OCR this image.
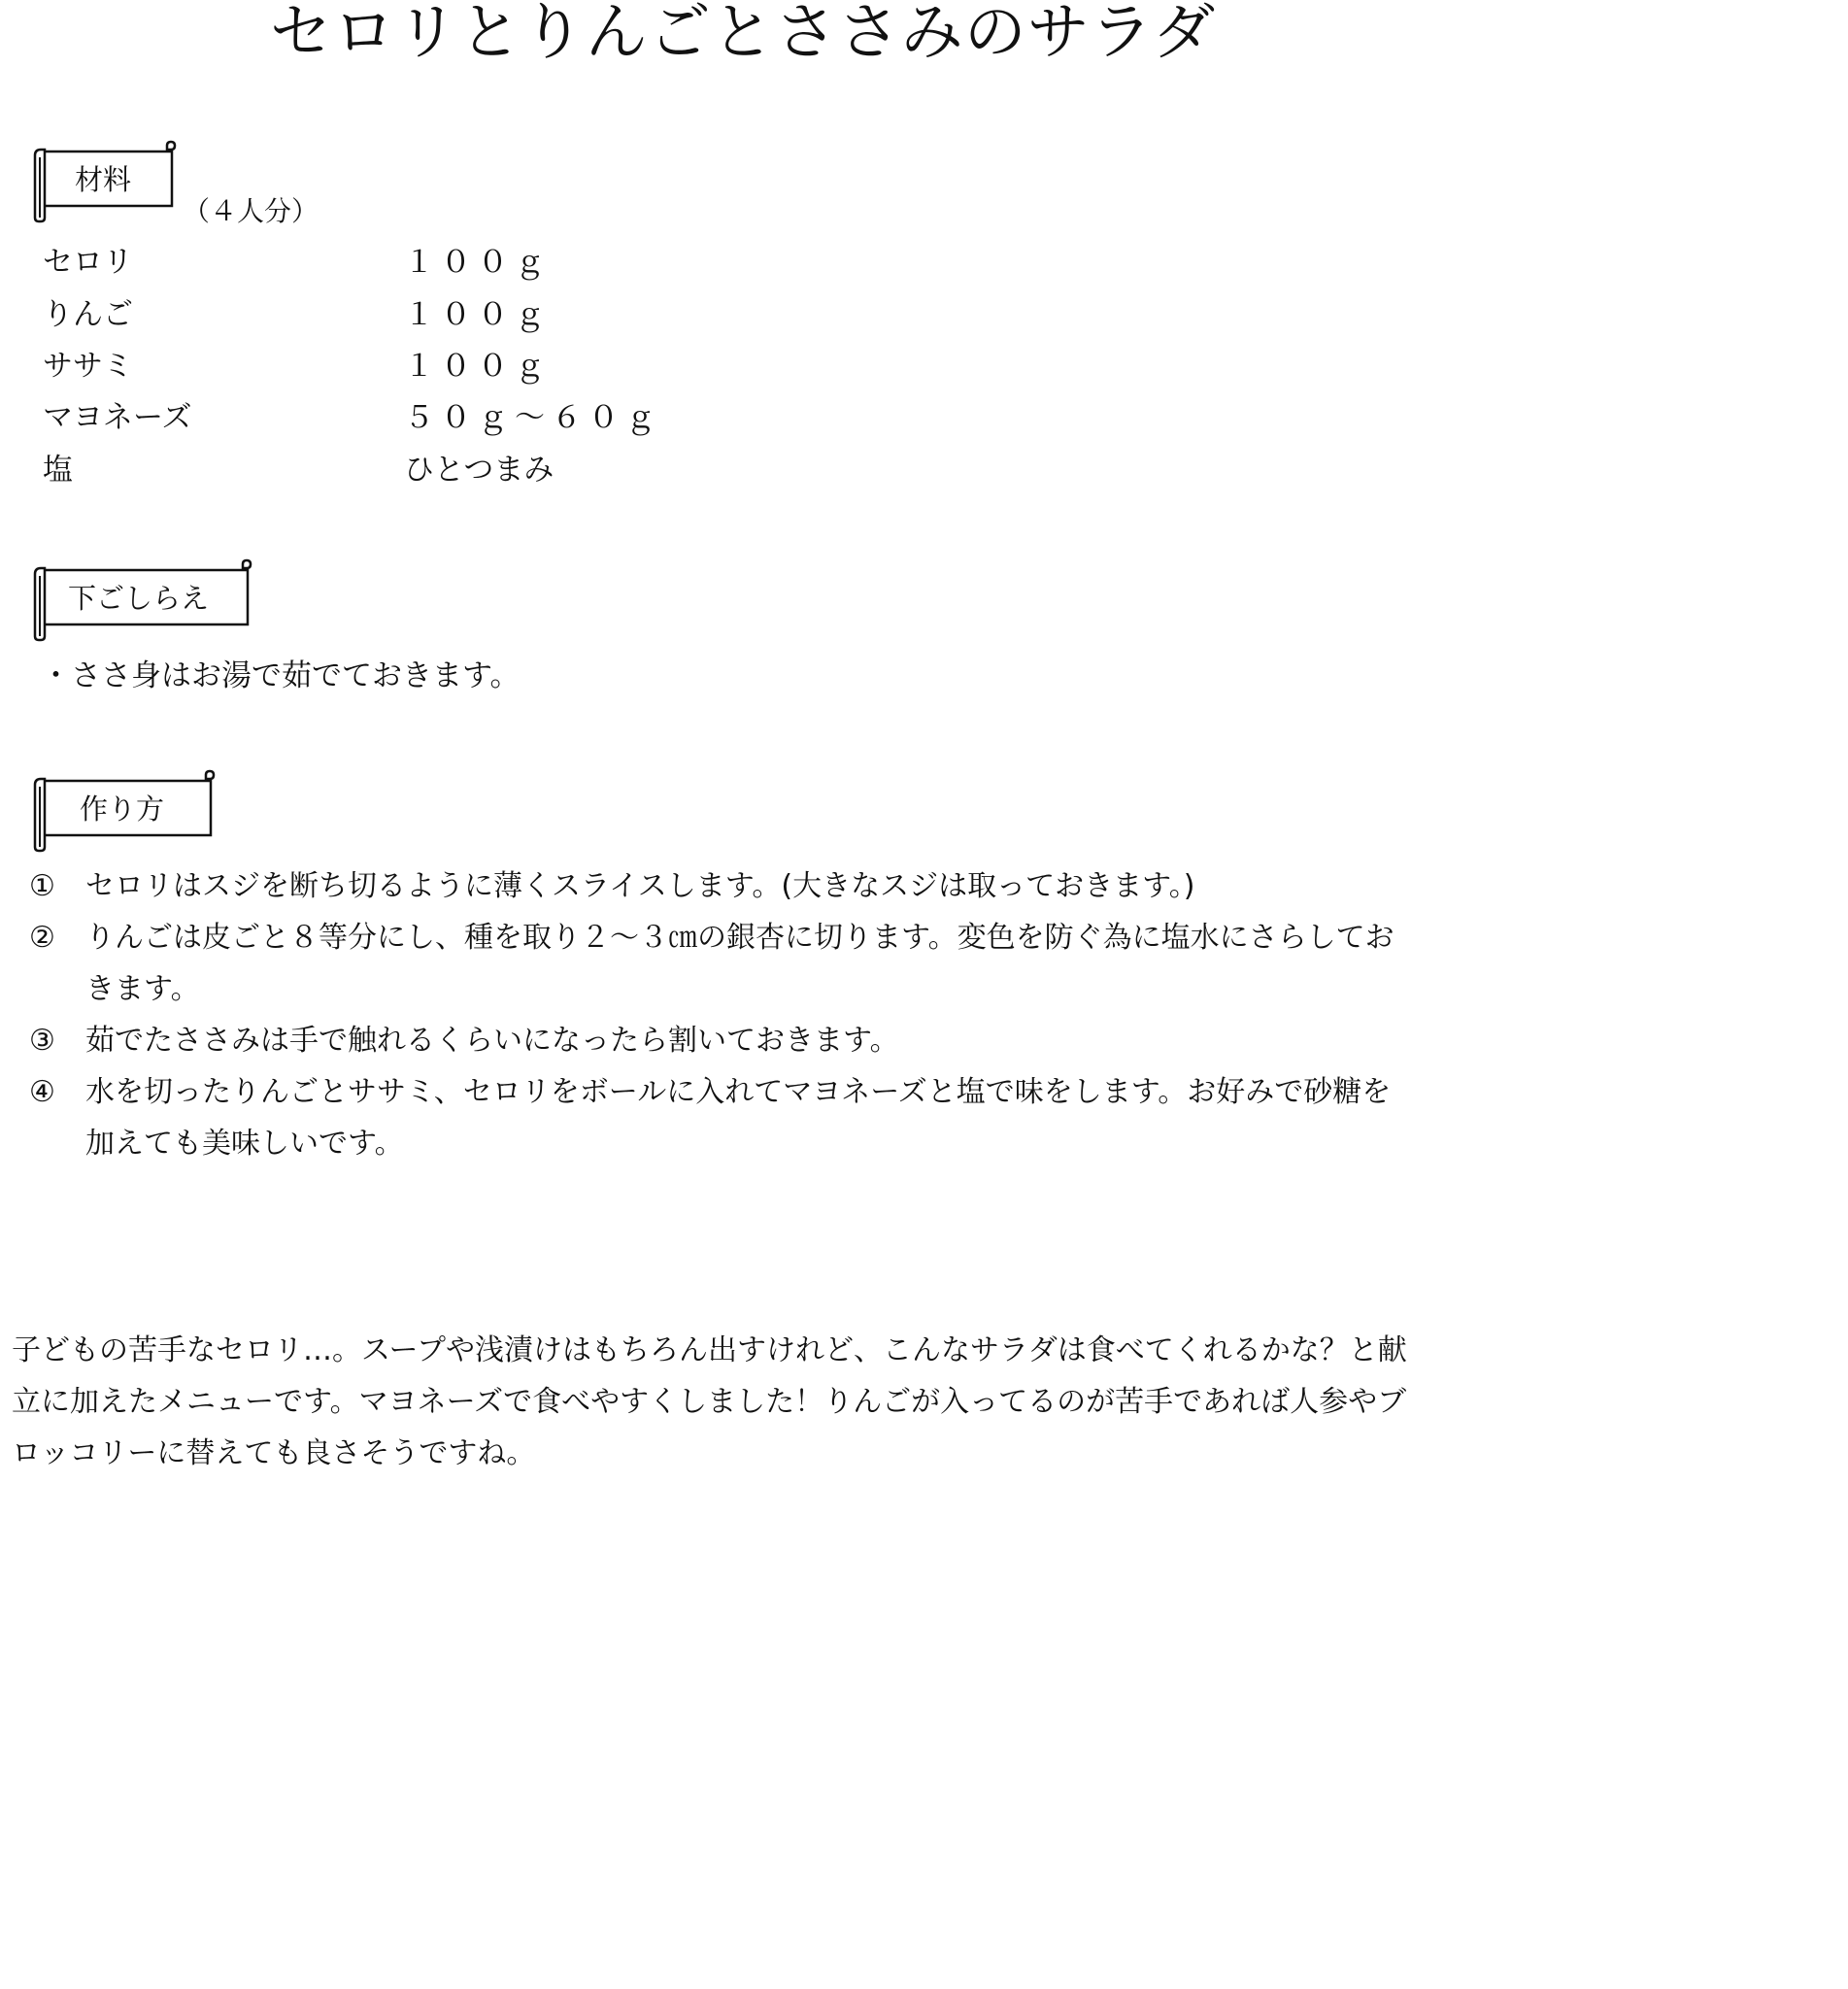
セロリとりんごとささみのサラダ
材料
（４人分）
セロリ	１００ｇ
りんご	１００ｇ
ササミ	１００ｇ
マヨネーズ	５０ｇ～６０ｇ
塩	ひとつまみ
下ごしらえ
・ささ身はお湯で茹でておきます。
作り方
① セロリはスジを断ち切るように薄くスライスします。(大きなスジは取っておきます。)
② りんごは皮ごと８等分にし、種を取り２～３㎝の銀杏に切ります。変色を防ぐ為に塩水にさらしておきます。
③ 茹でたささみは手で触れるくらいになったら割いておきます。
④ 水を切ったりんごとササミ、セロリをボールに入れてマヨネーズと塩で味をします。お好みで砂糖を加えても美味しいです。
子どもの苦手なセロリ…。スープや浅漬けはもちろん出すけれど、こんなサラダは食べてくれるかな？と献立に加えたメニューです。マヨネーズで食べやすくしました！りんごが入ってるのが苦手であれば人参やブロッコリーに替えても良さそうですね。
